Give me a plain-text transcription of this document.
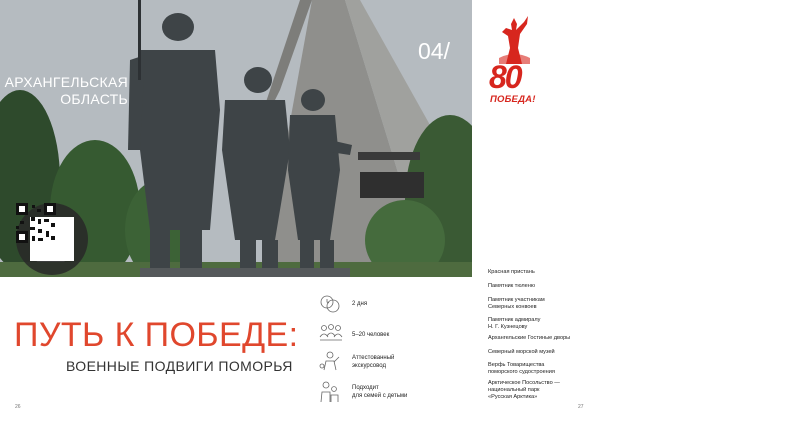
04/
АРХАНГЕЛЬСКАЯ
ОБЛАСТЬ
80
ПОБЕДА!
ПУТЬ К ПОБЕДЕ:
ВОЕННЫЕ ПОДВИГИ ПОМОРЬЯ
2 дня
5–20 человек
Аттестованный
экскурсовод
Подходит
для семей с детьми
Красная пристань
Памятник тюленю
Памятник участникам
Северных конвоев
Памятник адмиралу
Н. Г. Кузнецову
Архангельские Гостиные дворы
Северный морской музей
Верфь Товарищества
поморского судостроения
Арктическое Посольство —
национальный парк
«Русская Арктика»
26	27
